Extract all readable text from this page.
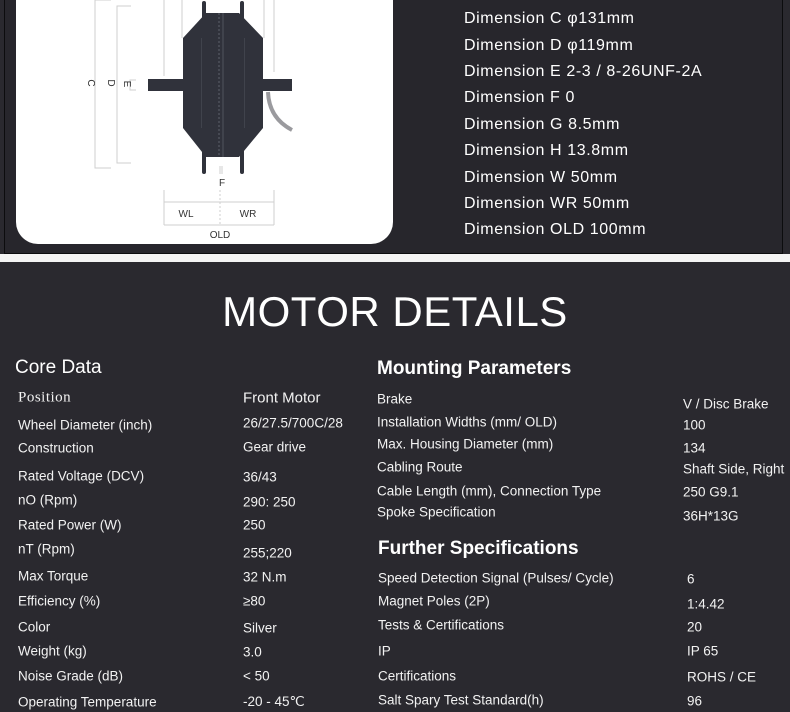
C D E
F
WL	WR
OLD
Dimension C φ131mm
Dimension D φ119mm
Dimension E 2-3 / 8-26UNF-2A
Dimension F 0
Dimension G 8.5mm
Dimension H 13.8mm
Dimension W 50mm
Dimension WR 50mm
Dimension OLD 100mm
MOTOR DETAILS
Core Data	Mounting Parameters
Further Specifications
Position	Front Motor
Wheel Diameter (inch)	26/27.5/700C/28
Construction	Gear drive
Rated Voltage (DCV)	36/43
nO (Rpm)	290: 250
Rated Power (W)	250
nT (Rpm)	255;220
Max Torque	32 N.m
Efficiency (%)	≥80
Color	Silver
Weight (kg)	3.0
Noise Grade (dB)	< 50
Operating Temperature	-20 - 45℃
Brake	V / Disc Brake
Installation Widths (mm/ OLD)	100
Max. Housing Diameter (mm)	134
Cabling Route	Shaft Side, Right
Cable Length (mm), Connection Type	250 G9.1
Spoke Specification	36H*13G
Speed Detection Signal (Pulses/ Cycle)	6
Magnet Poles (2P)	1:4.42
Tests & Certifications	20
IP	IP 65
Certifications	ROHS / CE
Salt Spary Test Standard(h)	96
